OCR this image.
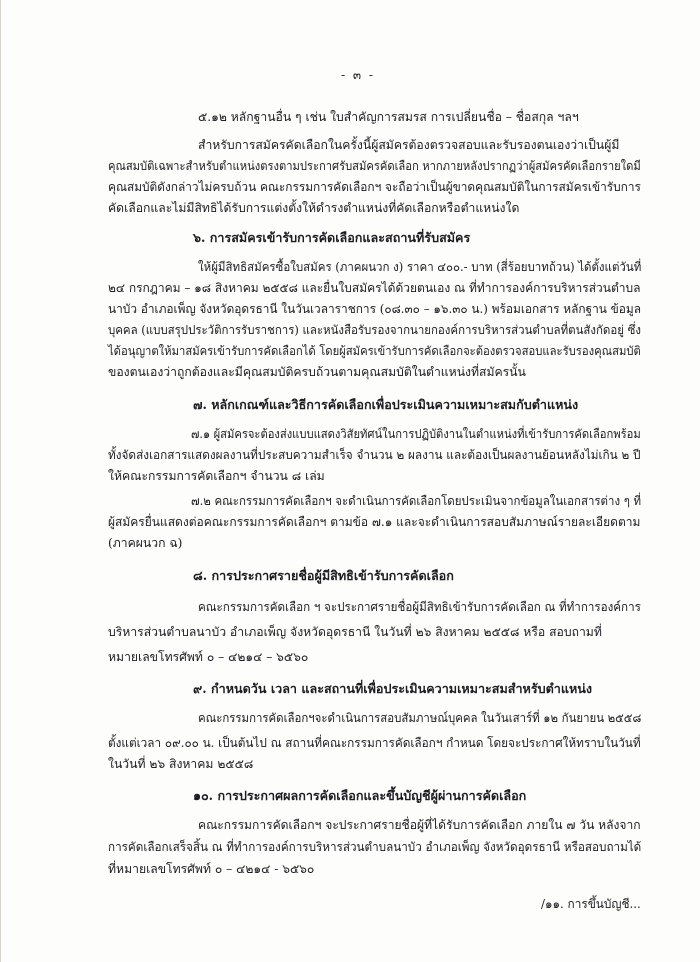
- ๓ -
๕.๑๒ หลักฐานอื่น ๆ เช่น ใบสำคัญการสมรส การเปลี่ยนชื่อ – ชื่อสกุล ฯลฯ
สำหรับการสมัครคัดเลือกในครั้งนี้ผู้สมัครต้องตรวจสอบและรับรองตนเองว่าเป็นผู้มี
คุณสมบัติเฉพาะสำหรับตำแหน่งตรงตามประกาศรับสมัครคัดเลือก หากภายหลังปรากฏว่าผู้สมัครคัดเลือกรายใดมี
คุณสมบัติดังกล่าวไม่ครบถ้วน คณะกรรมการคัดเลือกฯ จะถือว่าเป็นผู้ขาดคุณสมบัติในการสมัครเข้ารับการ
คัดเลือกและไม่มีสิทธิได้รับการแต่งตั้งให้ดำรงตำแหน่งที่คัดเลือกหรือตำแหน่งใด
๖. การสมัครเข้ารับการคัดเลือกและสถานที่รับสมัคร
ให้ผู้มีสิทธิสมัครซื้อใบสมัคร (ภาคผนวก ง) ราคา ๔๐๐.- บาท (สี่ร้อยบาทถ้วน) ได้ตั้งแต่วันที่
๒๔ กรกฎาคม – ๑๘ สิงหาคม ๒๕๕๘ และยื่นใบสมัครได้ด้วยตนเอง ณ ที่ทำการองค์การบริหารส่วนตำบล
นาบัว อำเภอเพ็ญ จังหวัดอุดรธานี ในวันเวลาราชการ (๐๘.๓๐ – ๑๖.๓๐ น.) พร้อมเอกสาร หลักฐาน ข้อมูล
บุคคล (แบบสรุปประวัติการรับราชการ) และหนังสือรับรองจากนายกองค์การบริหารส่วนตำบลที่ตนสังกัดอยู่ ซึ่ง
ได้อนุญาตให้มาสมัครเข้ารับการคัดเลือกได้ โดยผู้สมัครเข้ารับการคัดเลือกจะต้องตรวจสอบและรับรองคุณสมบัติ
ของตนเองว่าถูกต้องและมีคุณสมบัติครบถ้วนตามคุณสมบัติในตำแหน่งที่สมัครนั้น
๗. หลักเกณฑ์และวิธีการคัดเลือกเพื่อประเมินความเหมาะสมกับตำแหน่ง
๗.๑ ผู้สมัครจะต้องส่งแบบแสดงวิสัยทัศน์ในการปฏิบัติงานในตำแหน่งที่เข้ารับการคัดเลือกพร้อม
ทั้งจัดส่งเอกสารแสดงผลงานที่ประสบความสำเร็จ จำนวน ๒ ผลงาน และต้องเป็นผลงานย้อนหลังไม่เกิน ๒ ปี
ให้คณะกรรมการคัดเลือกฯ จำนวน ๘ เล่ม
๗.๒ คณะกรรมการคัดเลือกฯ จะดำเนินการคัดเลือกโดยประเมินจากข้อมูลในเอกสารต่าง ๆ ที่
ผู้สมัครยื่นแสดงต่อคณะกรรมการคัดเลือกฯ ตามข้อ ๗.๑ และจะดำเนินการสอบสัมภาษณ์รายละเอียดตาม
(ภาคผนวก ฉ)
๘. การประกาศรายชื่อผู้มีสิทธิเข้ารับการคัดเลือก
คณะกรรมการคัดเลือก ฯ จะประกาศรายชื่อผู้มีสิทธิเข้ารับการคัดเลือก ณ ที่ทำการองค์การ
บริหารส่วนตำบลนาบัว อำเภอเพ็ญ จังหวัดอุดรธานี ในวันที่ ๒๖ สิงหาคม ๒๕๕๘ หรือ สอบถามที่
หมายเลขโทรศัพท์ ๐ – ๔๒๑๔ – ๖๕๖๐
๙. กำหนดวัน เวลา และสถานที่เพื่อประเมินความเหมาะสมสำหรับตำแหน่ง
คณะกรรมการคัดเลือกฯจะดำเนินการสอบสัมภาษณ์บุคคล ในวันเสาร์ที่ ๑๒ กันยายน ๒๕๕๘
ตั้งแต่เวลา ๐๙.๐๐ น. เป็นต้นไป ณ สถานที่คณะกรรมการคัดเลือกฯ กำหนด โดยจะประกาศให้ทราบในวันที่
ในวันที่ ๒๖ สิงหาคม ๒๕๕๘
๑๐. การประกาศผลการคัดเลือกและขึ้นบัญชีผู้ผ่านการคัดเลือก
คณะกรรมการคัดเลือกฯ จะประกาศรายชื่อผู้ที่ได้รับการคัดเลือก ภายใน ๗ วัน หลังจาก
การคัดเลือกเสร็จสิ้น ณ ที่ทำการองค์การบริหารส่วนตำบลนาบัว อำเภอเพ็ญ จังหวัดอุดรธานี หรือสอบถามได้
ที่หมายเลขโทรศัพท์ ๐ – ๔๒๑๔ - ๖๕๖๐
/๑๑. การขึ้นบัญชี...
